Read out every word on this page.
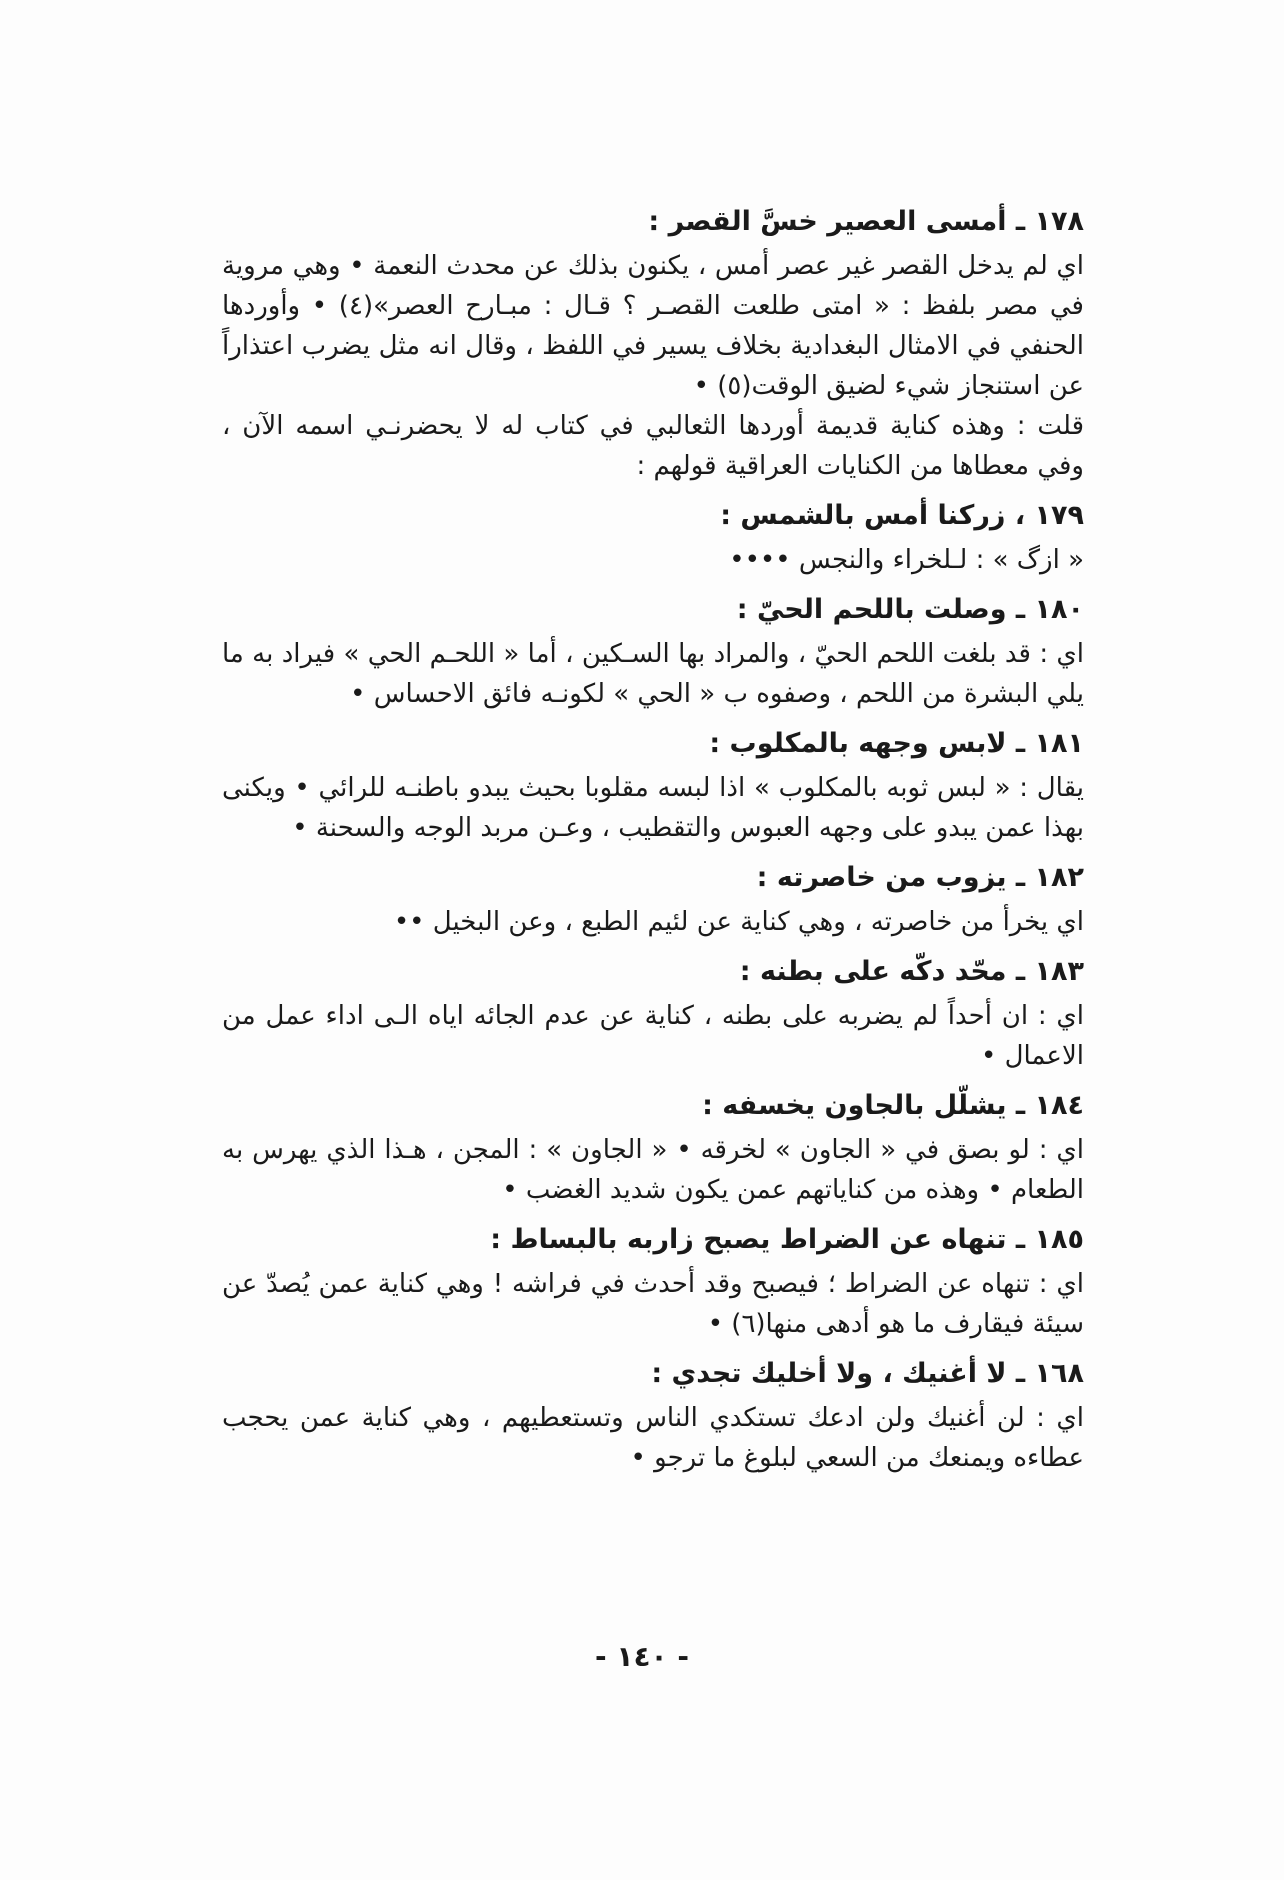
١٧٨ ـ أمسى العصير خسَّ القصر :

اي لم يدخل القصر غير عصر أمس ، يكنون بذلك عن محدث النعمة • وهي مروية في مصر بلفظ : « امتى طلعت القصـر ؟ قـال : مبـارح العصر»(٤) • وأوردها الحنفي في الامثال البغدادية بخلاف يسير في اللفظ ، وقال انه مثل يضرب اعتذاراً عن استنجاز شيء لضيق الوقت(٥) •

قلت : وهذه كناية قديمة أوردها الثعالبي في كتاب له لا يحضرنـي اسمه الآن ، وفي معطاها من الكنايات العراقية قولهم :

١٧٩ ، زركنا أمس بالشمس :

« ازگ » : لـلخراء والنجس ••••

١٨٠ ـ وصلت باللحم الحيّ :

اي : قد بلغت اللحم الحيّ ، والمراد بها السـكين ، أما « اللحـم الحي » فيراد به ما يلي البشرة من اللحم ، وصفوه ب « الحي » لكونـه فائق الاحساس •

١٨١ ـ لابس وجهه بالمكلوب :

يقال : « لبس ثوبه بالمكلوب » اذا لبسه مقلوبا بحيث يبدو باطنـه للرائي • ويكنى بهذا عمن يبدو على وجهه العبوس والتقطيب ، وعـن مربد الوجه والسحنة •

١٨٢ ـ يزوب من خاصرته :

اي يخرأ من خاصرته ، وهي كناية عن لئيم الطبع ، وعن البخيل ••

١٨٣ ـ محّد دكّه على بطنه :

اي : ان أحداً لم يضربه على بطنه ، كناية عن عدم الجائه اياه الـى اداء عمل من الاعمال •

١٨٤ ـ يشلّل بالجاون يخسفه :

اي : لو بصق في « الجاون » لخرقه • « الجاون » : المجن ، هـذا الذي يهرس به الطعام • وهذه من كناياتهم عمن يكون شديد الغضب •

١٨٥ ـ تنهاه عن الضراط يصبح زاربه بالبساط :

اي : تنهاه عن الضراط ؛ فيصبح وقد أحدث في فراشه ! وهي كناية عمن يُصدّ عن سيئة فيقارف ما هو أدهى منها(٦) •

١٦٨ ـ لا أغنيك ، ولا أخليك تجدي :

اي : لن أغنيك ولن ادعك تستكدي الناس وتستعطيهم ، وهي كناية عمن يحجب عطاءه ويمنعك من السعي لبلوغ ما ترجو •

- ١٤٠ -
